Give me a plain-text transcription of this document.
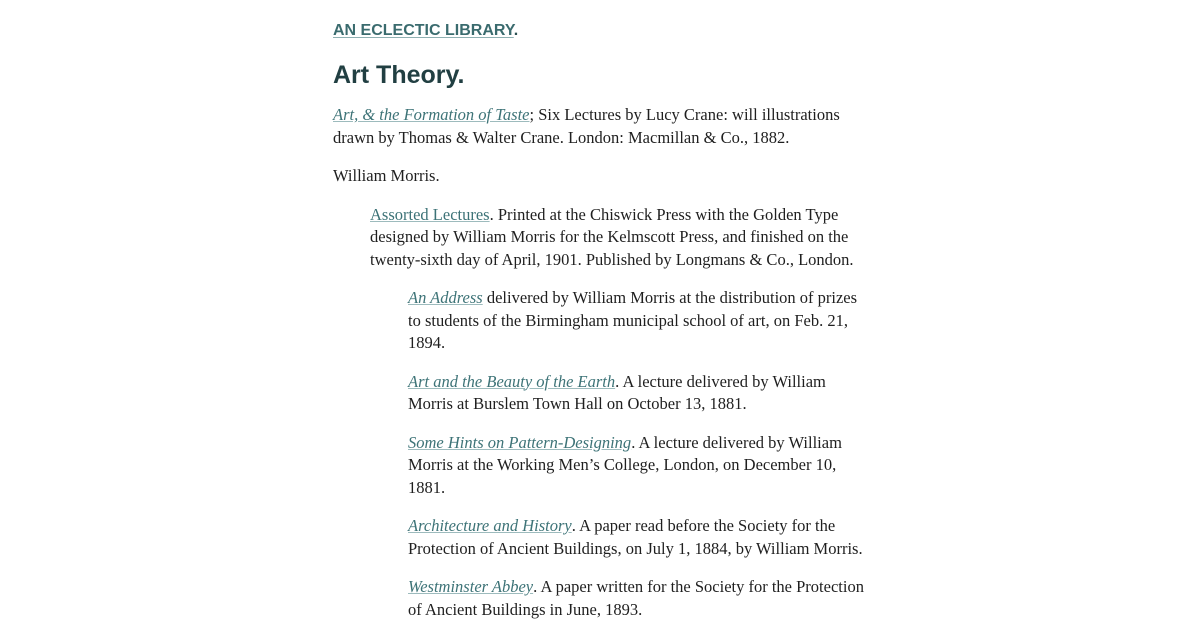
AN ECLECTIC LIBRARY.
Art Theory.

Art, & the Formation of Taste; Six Lectures by Lucy Crane: will illustrations drawn by Thomas & Walter Crane. London: Macmillan & Co., 1882.

William Morris.

Assorted Lectures. Printed at the Chiswick Press with the Golden Type designed by William Morris for the Kelmscott Press, and finished on the twenty-sixth day of April, 1901. Published by Longmans & Co., London.

An Address delivered by William Morris at the distribution of prizes to students of the Birmingham municipal school of art, on Feb. 21, 1894.

Art and the Beauty of the Earth. A lecture delivered by William Morris at Burslem Town Hall on October 13, 1881.

Some Hints on Pattern-Designing. A lecture delivered by William Morris at the Working Men’s College, London, on December 10, 1881.

Architecture and History. A paper read before the Society for the Protection of Ancient Buildings, on July 1, 1884, by William Morris.

Westminster Abbey. A paper written for the Society for the Protection of Ancient Buildings in June, 1893.
